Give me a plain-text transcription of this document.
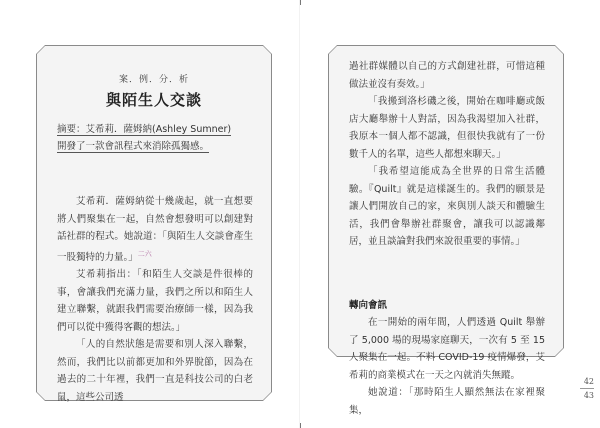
案．例．分．析
與陌生人交談
摘要：艾希莉．薩姆納(Ashley Sumner)
開發了一款會訊程式來消除孤獨感。

艾希莉．薩姆納從十幾歲起，就一直想要將人們聚集在一起，自然會想發明可以創建對話社群的程式。她說道：「與陌生人交談會產生一股獨特的力量。」$^{二六}$

艾希莉指出：「和陌生人交談是件很棒的事，會讓我們充滿力量，我們之所以和陌生人建立聯繫，就跟我們需要治療師一樣，因為我們可以從中獲得客觀的想法。」

「人的自然狀態是需要和別人深入聯繫，然而，我們比以前都更加和外界脫節，因為在過去的二十年裡，我們一直是科技公司的白老鼠，這些公司透

過社群媒體以自己的方式創建社群，可惜這種做法並沒有奏效。」

「我搬到洛杉磯之後，開始在咖啡廳或飯店大廳舉辦十人對話，因為我渴望加入社群，我原本一個人都不認識，但很快我就有了一份數千人的名單，這些人都想來聊天。」

「我希望這能成為全世界的日常生活體驗。『Quilt』就是這樣誕生的。我們的願景是讓人們開放自己的家，來與別人談天和體驗生活，我們會舉辦社群聚會，讓我可以認識鄰居，並且談論對我們來說很重要的事情。」

轉向會訊

在一開始的兩年間，人們透過 Quilt 舉辦了 5,000 場的現場家庭聊天，一次有 5 至 15 人聚集在一起。不料 COVID-19 疫情爆發，艾希莉的商業模式在一天之內就消失無蹤。

她說道：「那時陌生人顯然無法在家裡聚集，

42
43
